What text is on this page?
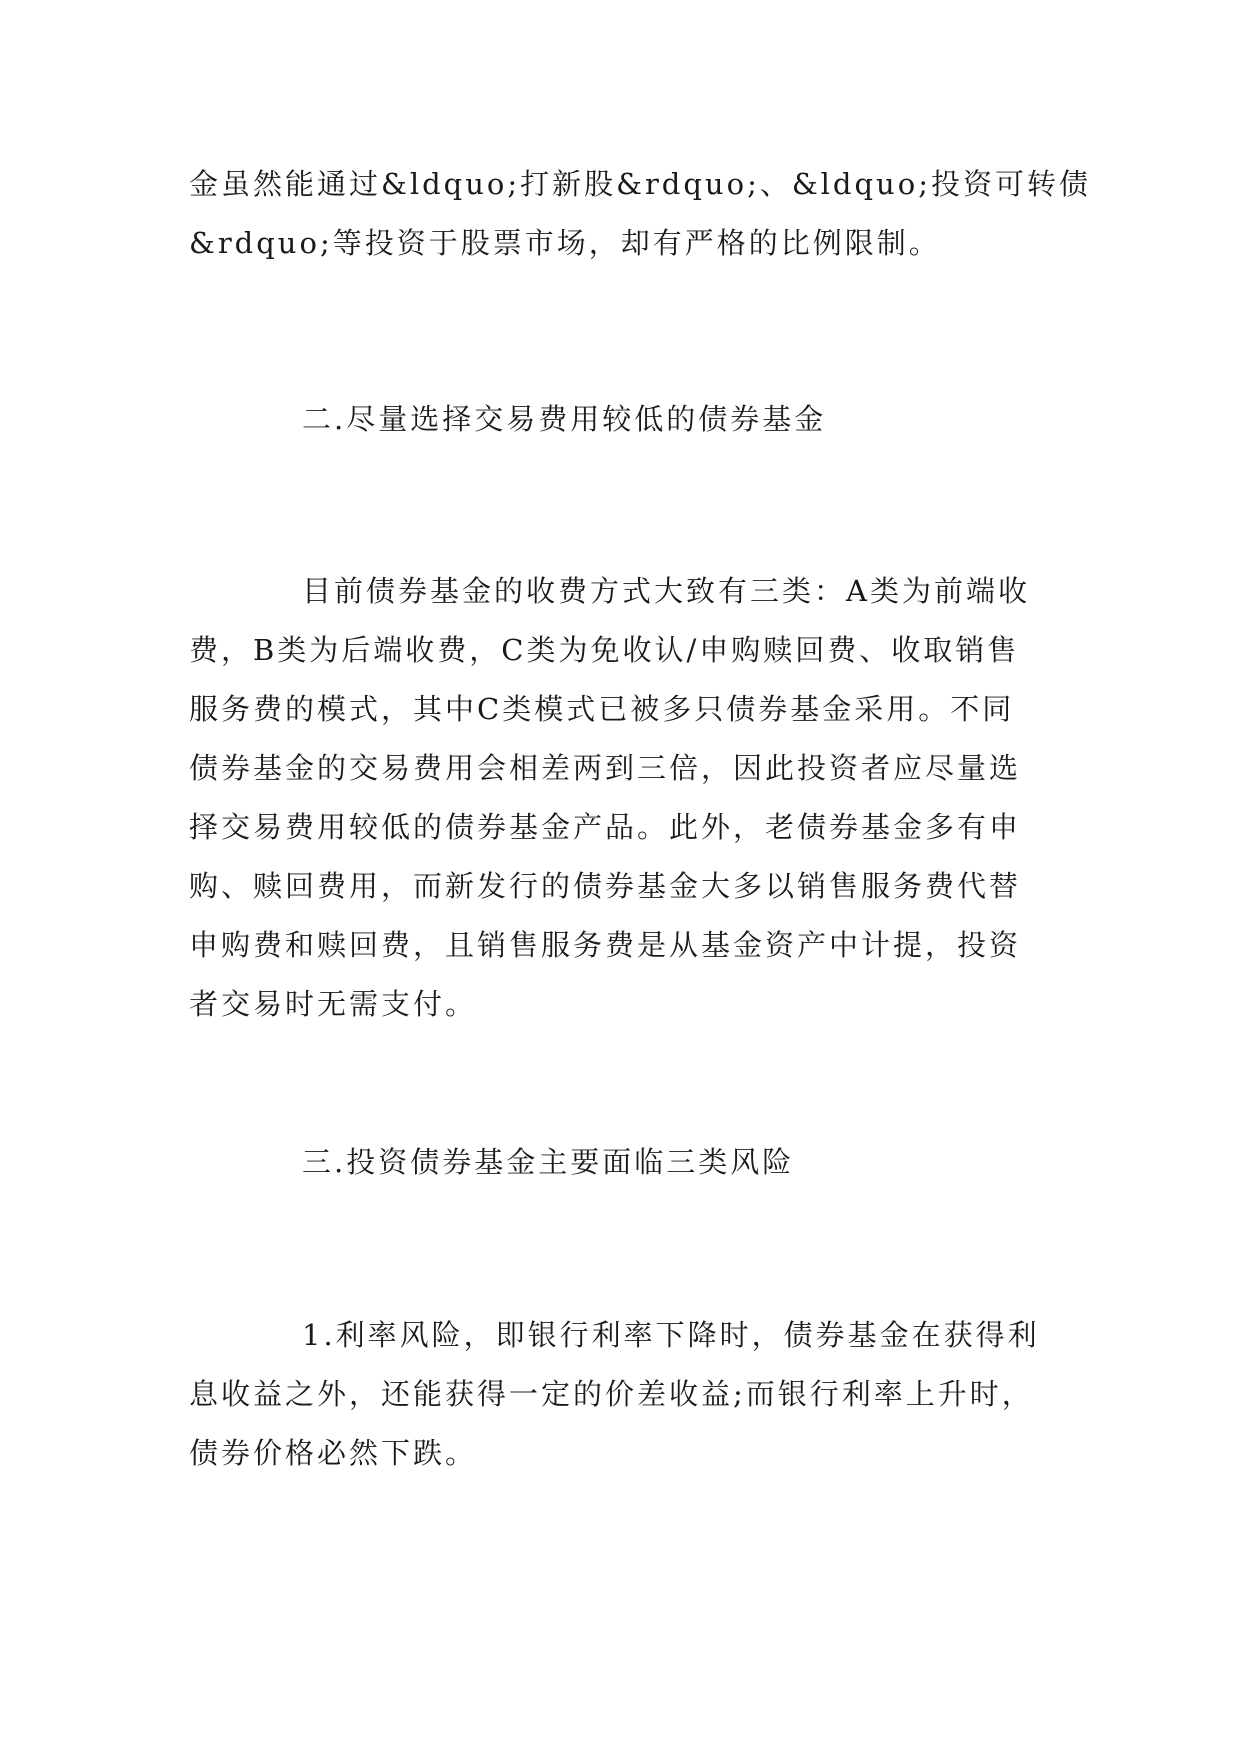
金虽然能通过&ldquo;打新股&rdquo;、&ldquo;投资可转债
&rdquo;等投资于股票市场，却有严格的比例限制。
二.尽量选择交易费用较低的债券基金
目前债券基金的收费方式大致有三类：A类为前端收
费，B类为后端收费，C类为免收认/申购赎回费、收取销售
服务费的模式，其中C类模式已被多只债券基金采用。不同
债券基金的交易费用会相差两到三倍，因此投资者应尽量选
择交易费用较低的债券基金产品。此外，老债券基金多有申
购、赎回费用，而新发行的债券基金大多以销售服务费代替
申购费和赎回费，且销售服务费是从基金资产中计提，投资
者交易时无需支付。
三.投资债券基金主要面临三类风险
1.利率风险，即银行利率下降时，债券基金在获得利
息收益之外，还能获得一定的价差收益;而银行利率上升时，
债券价格必然下跌。
